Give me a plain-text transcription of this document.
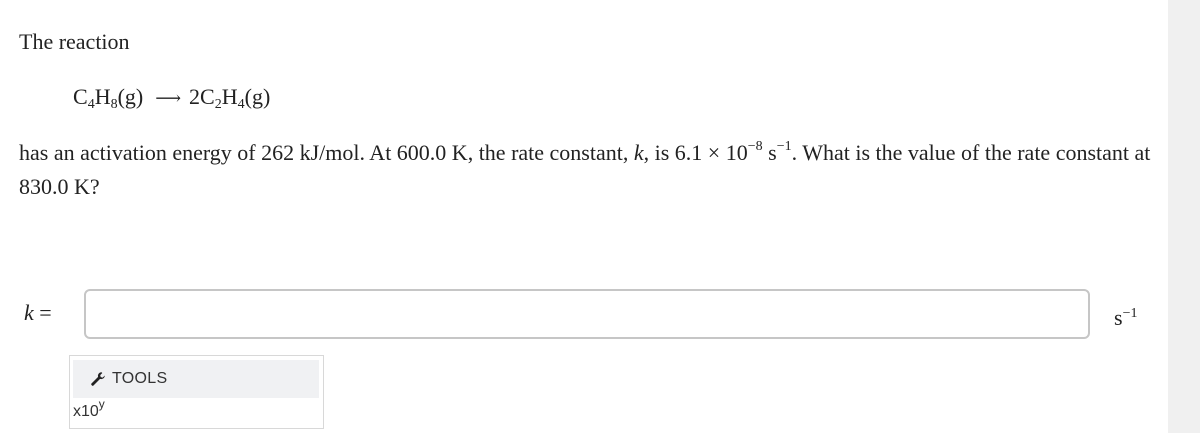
The reaction
$C_4H_8(g)$ ⟶ $2C_2H_4(g)$
has an activation energy of 262 kJ/mol. At 600.0 K, the rate constant, k, is $6.1 \times 10^{-8}$ $s^{-1}$. What is the value of the rate constant at 830.0 K?
k =	$s^{-1}$
TOOLS
x10$^y$
